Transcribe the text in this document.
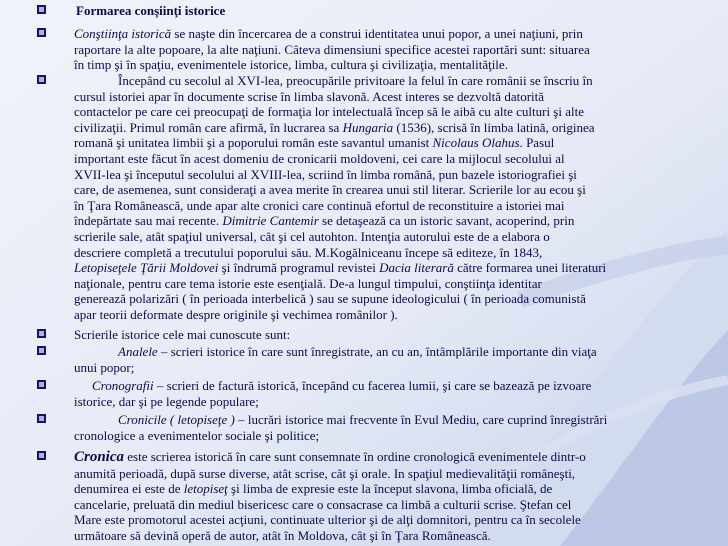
Formarea conşiinţi istorice

Conştiinţa istorică se naşte din încercarea de a construi identitatea unui popor, a unei naţiuni, prin
raportare la alte popoare, la alte naţiuni. Câteva dimensiuni specifice acestei raportări sunt: situarea
în timp şi în spaţiu, evenimentele istorice, limba, cultura şi civilizaţia, mentalităţile.

Începând cu secolul al XVI-lea, preocupările privitoare la felul în care românii se înscriu în
cursul istoriei apar în documente scrise în limba slavonă. Acest interes se dezvoltă datorită
contactelor pe care cei preocupaţi de formaţia lor intelectuală încep să le aibă cu alte culturi şi alte
civilizaţii. Primul român care afirmă, în lucrarea sa Hungaria (1536), scrisă în limba latină, originea
romană şi unitatea limbii şi a poporului român este savantul umanist Nicolaus Olahus. Pasul
important este făcut în acest domeniu de cronicarii moldoveni, cei care la mijlocul secolului al
XVII-lea şi începutul secolului al XVIII-lea, scriind în limba română, pun bazele istoriografiei şi
care, de asemenea, sunt consideraţi a avea merite în crearea unui stil literar. Scrierile lor au ecou şi
în Ţara Românească, unde apar alte cronici care continuă efortul de reconstituire a istoriei mai
îndepărtate sau mai recente. Dimitrie Cantemir se detaşează ca un istoric savant, acoperind, prin
scrierile sale, atât spaţiul universal, cât şi cel autohton. Intenţia autorului este de a elabora o
descriere completă a trecutului poporului său. M.Kogălniceanu începe să editeze, în 1843,
Letopiseţele Ţării Moldovei şi îndrumă programul revistei Dacia literară către formarea unei literaturi
naţionale, pentru care tema istorie este esenţială. De-a lungul timpului, conştiinţa identitar
generează polarizări ( în perioada interbelică ) sau se supune ideologicului ( în perioada comunistă
apar teorii deformate despre originile şi vechimea românilor ).

Scrierile istorice cele mai cunoscute sunt:

Analele – scrieri istorice în care sunt înregistrate, an cu an, întâmplările importante din viaţa
unui popor;

Cronografii – scrieri de factură istorică, începând cu facerea lumii, şi care se bazează pe izvoare
istorice, dar şi pe legende populare;

Cronicile ( letopiseţe ) – lucrări istorice mai frecvente în Evul Mediu, care cuprind înregistrări
cronologice a evenimentelor sociale şi politice;

Cronica este scrierea istorică în care sunt consemnate în ordine cronologică evenimentele dintr-o
anumită perioadă, după surse diverse, atât scrise, cât şi orale. In spaţiul medievalităţii româneşti,
denumirea ei este de letopiseţ şi limba de expresie este la început slavona, limba oficială, de
cancelarie, preluată din mediul bisericesc care o consacrase ca limbă a culturii scrise. Ştefan cel
Mare este promotorul acestei acţiuni, continuate ulterior şi de alţi domnitori, pentru ca în secolele
următoare să devină operă de autor, atât în Moldova, cât şi în Ţara Românească.
